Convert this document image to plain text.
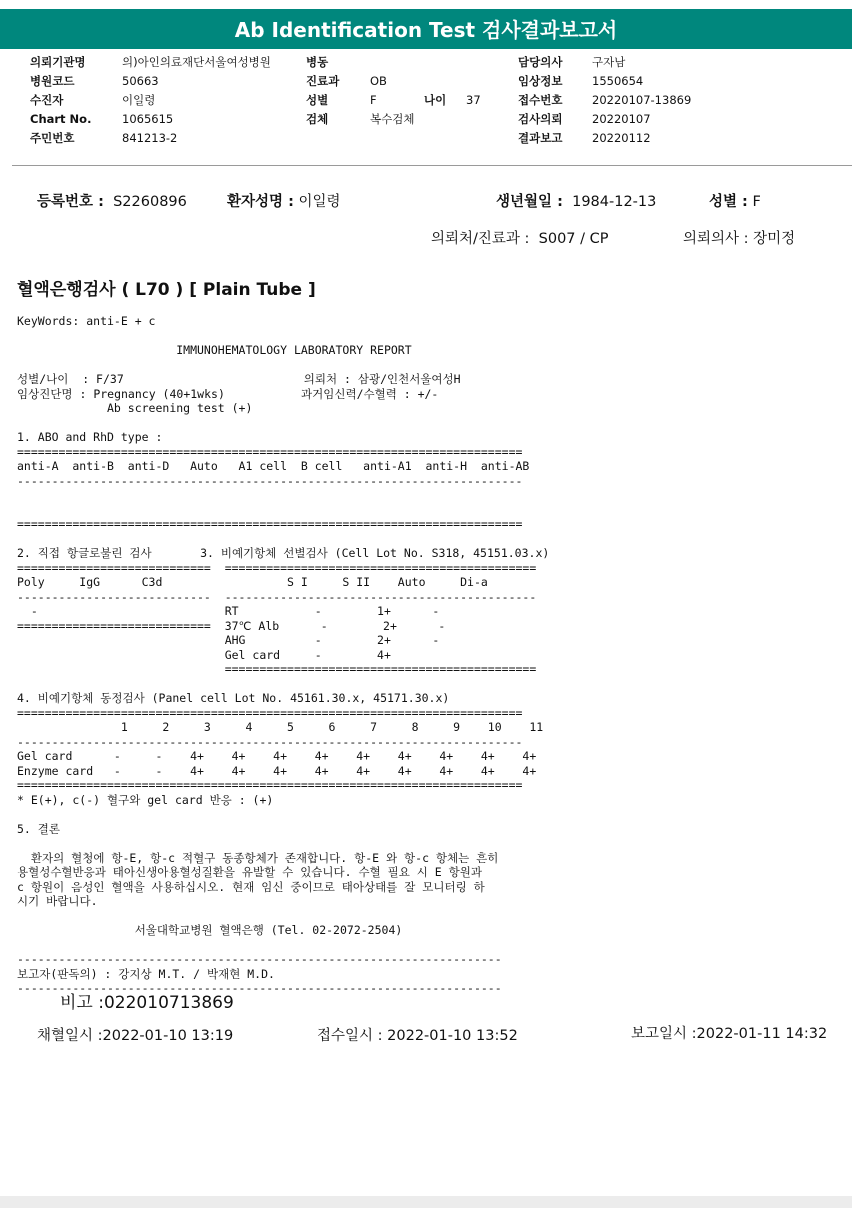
Ab Identification Test 검사결과보고서
의뢰기관명	의)아인의료재단서울여성병원
병원코드	50663
수진자	이일령
Chart No.	1065615
주민번호	841213-2
병동
진료과	OB
성별	F	나이 37
검체	복수검체
담당의사	구자남
임상정보	1550654
접수번호	20220107-13869
검사의뢰	20220107
결과보고	20220112
등록번호 : S2260896	환자성명 : 이일령	생년월일 : 1984-12-13	성별 : F
의뢰처/진료과 : S007 / CP	의뢰의사 : 장미정
혈액은행검사 ( L70 ) [ Plain Tube ]
KeyWords: anti-E + c

IMMUNOHEMATOLOGY LABORATORY REPORT

성별/나이  : F/37                          의뢰처 : 삼광/인천서울여성H
임상진단명 : Pregnancy (40+1wks)           과거임신력/수혈력 : +/-
Ab screening test (+)

1. ABO and RhD type :
=========================================================================
anti-A  anti-B  anti-D   Auto   A1 cell  B cell   anti-A1  anti-H  anti-AB
-------------------------------------------------------------------------

=========================================================================

2. 직접 항글로불린 검사       3. 비예기항체 선별검사 (Cell Lot No. S318, 45151.03.x)
============================  =============================================
Poly     IgG      C3d                  S I     S II    Auto     Di-a
----------------------------  ---------------------------------------------
-                           RT           -        1+      -
============================  37℃ Alb      -        2+      -
AHG          -        2+      -
Gel card     -        4+
=============================================

4. 비예기항체 동정검사 (Panel cell Lot No. 45161.30.x, 45171.30.x)
=========================================================================
1     2     3     4     5     6     7     8     9    10    11
-------------------------------------------------------------------------
Gel card      -     -    4+    4+    4+    4+    4+    4+    4+    4+    4+
Enzyme card   -     -    4+    4+    4+    4+    4+    4+    4+    4+    4+
=========================================================================
* E(+), c(-) 혈구와 gel card 반응 : (+)

5. 결론

환자의 혈청에 항-E, 항-c 적혈구 동종항체가 존재합니다. 항-E 와 항-c 항체는 흔히
용혈성수혈반응과 태아신생아용혈성질환을 유발할 수 있습니다. 수혈 필요 시 E 항원과
c 항원이 음성인 혈액을 사용하십시오. 현재 임신 중이므로 태아상태를 잘 모니터링 하
시기 바랍니다.

서울대학교병원 혈액은행 (Tel. 02-2072-2504)

----------------------------------------------------------------------
보고자(판독의) : 강지상 M.T. / 박재현 M.D.
----------------------------------------------------------------------
비고 :022010713869
채혈일시 :2022-01-10 13:19	접수일시 : 2022-01-10 13:52	보고일시 :2022-01-11 14:32
